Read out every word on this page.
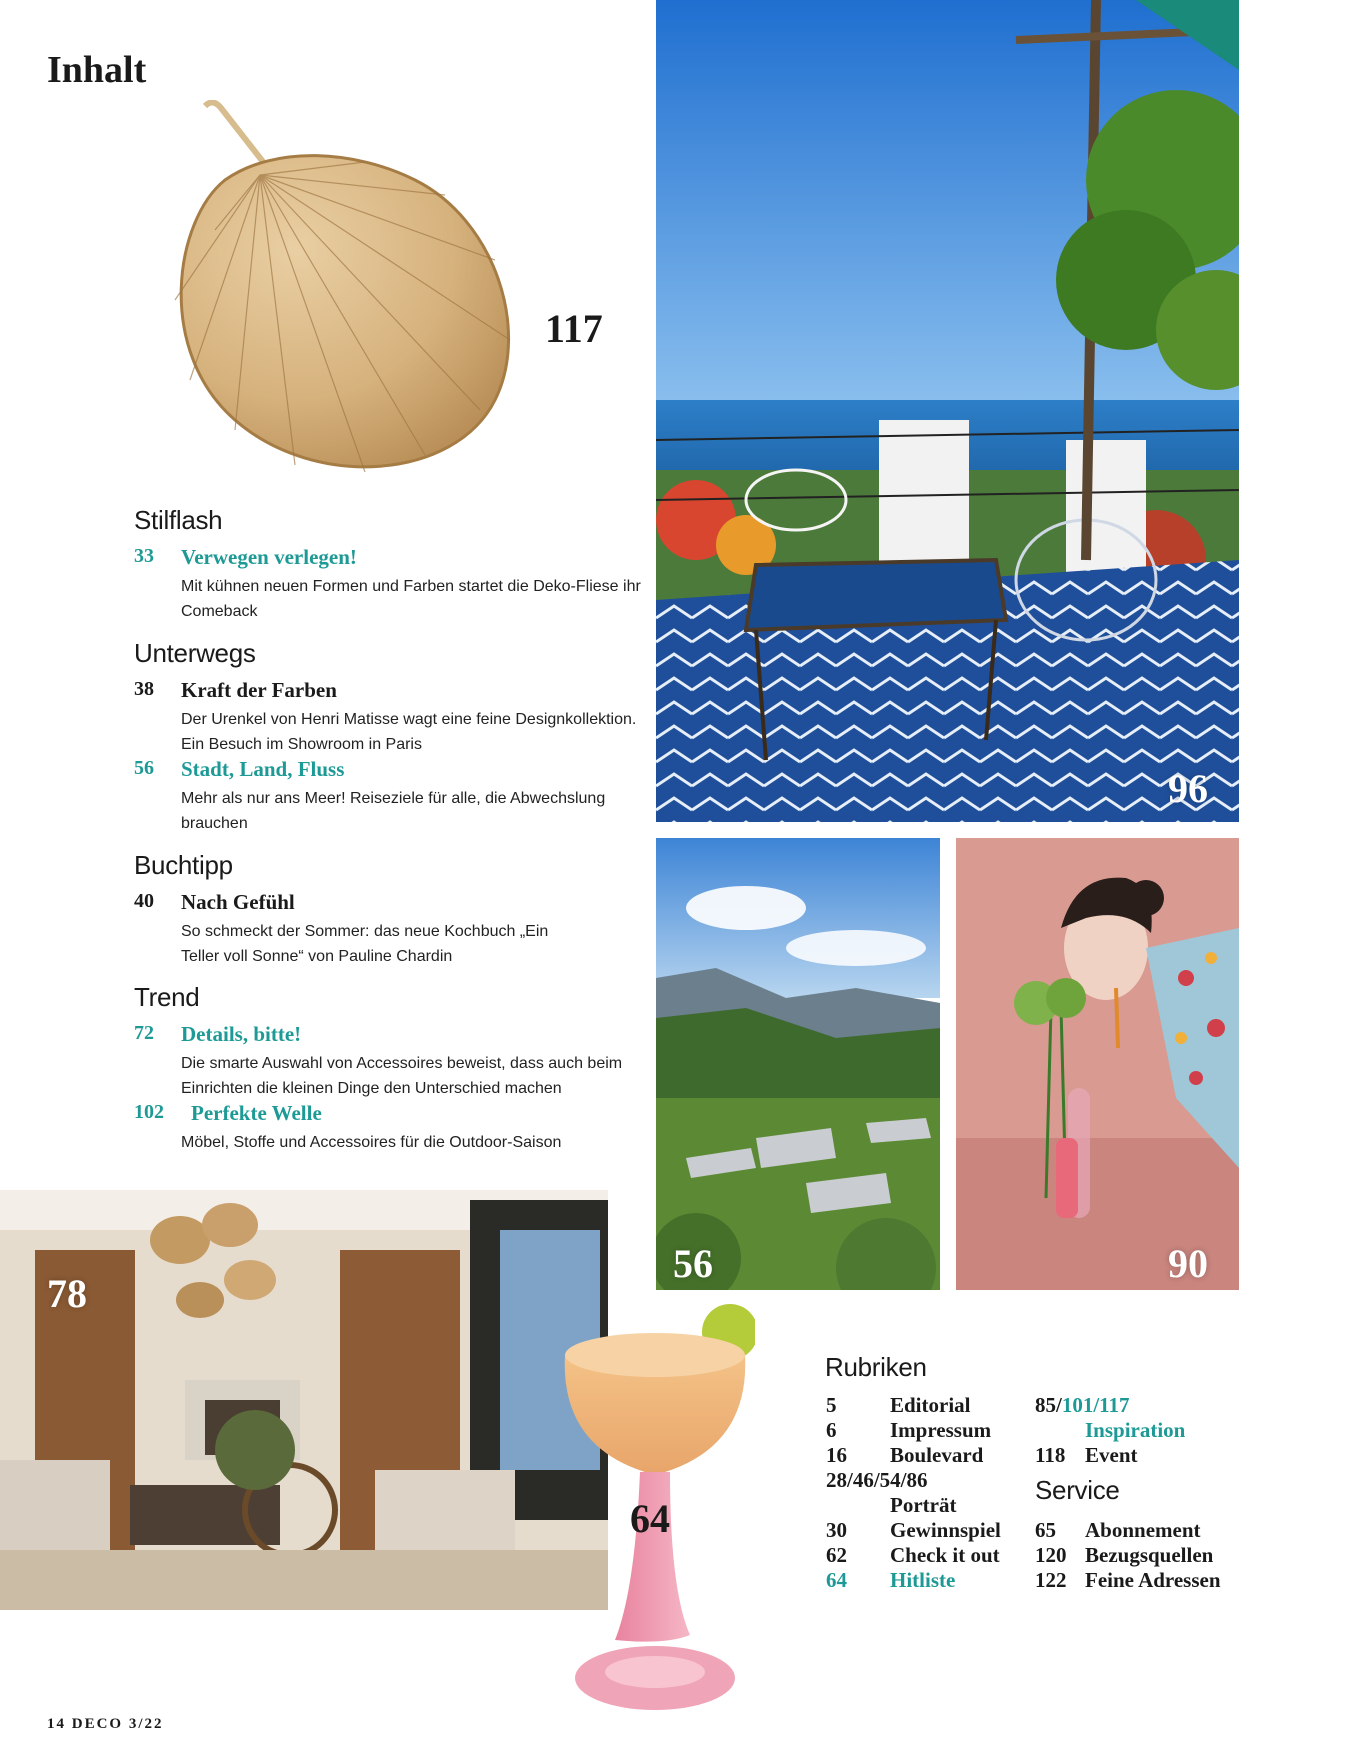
Inhalt
117
Stilflash
33 Verwegen verlegen!
Mit kühnen neuen Formen und Farben startet die Deko-Fliese ihr Comeback
Unterwegs
38 Kraft der Farben
Der Urenkel von Henri Matisse wagt eine feine Designkollektion. Ein Besuch im Showroom in Paris
56 Stadt, Land, Fluss
Mehr als nur ans Meer! Reiseziele für alle, die Abwechslung brauchen
Buchtipp
40 Nach Gefühl
So schmeckt der Sommer: das neue Kochbuch „Ein Teller voll Sonne“ von Pauline Chardin
Trend
72 Details, bitte!
Die smarte Auswahl von Accessoires beweist, dass auch beim Einrichten die kleinen Dinge den Unterschied machen
102 Perfekte Welle
Möbel, Stoffe und Accessoires für die Outdoor-Saison
96
56	90
78
64
Rubriken
5	Editorial
6	Impressum
16 Boulevard
28/46/54/86
Porträt
30 Gewinnspiel
62 Check it out
64 Hitliste
85/101/117
Inspiration
118 Event
Service
65 Abonnement
120 Bezugsquellen
122 Feine Adressen
14 DECO 3/22
